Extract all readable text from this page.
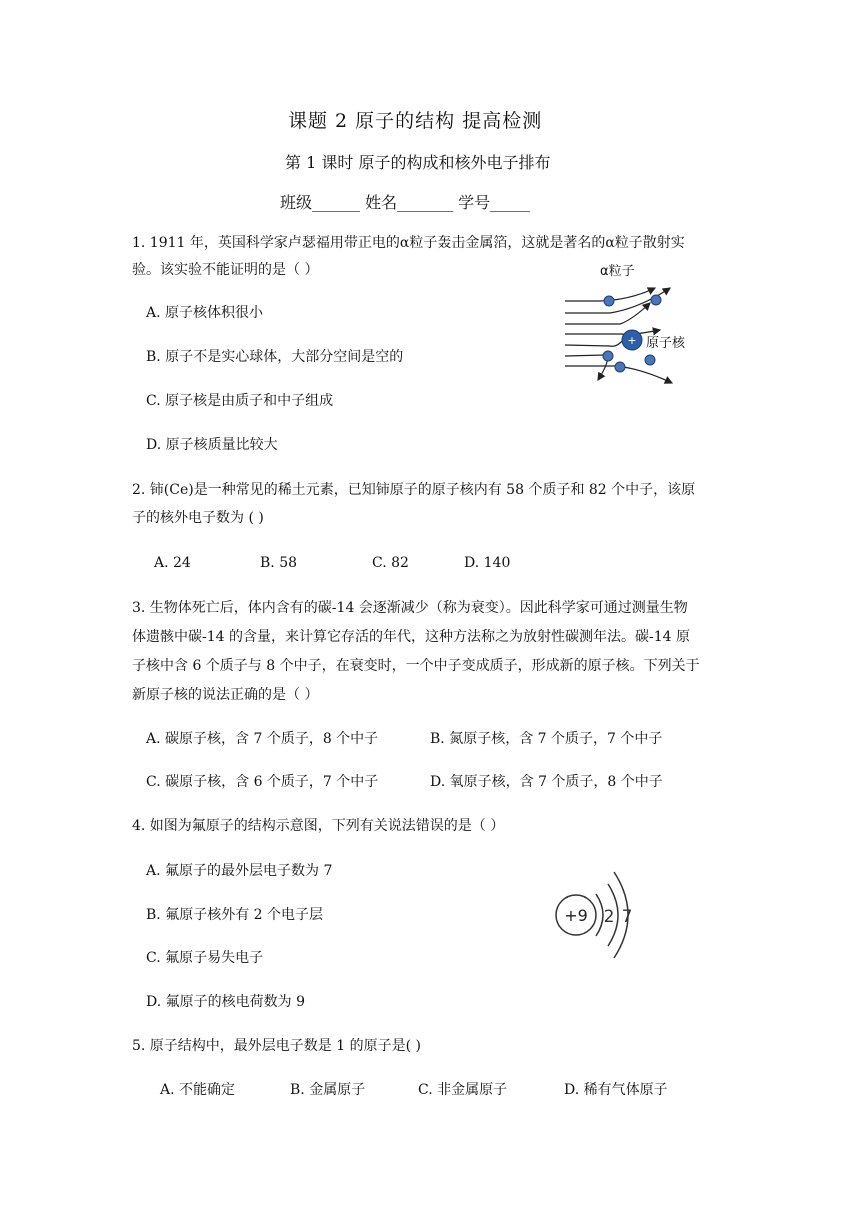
课题 2 原子的结构 提高检测
第 1 课时 原子的构成和核外电子排布
班级______ 姓名_______ 学号_____
1. 1911 年，英国科学家卢瑟福用带正电的α粒子轰击金属箔，这就是著名的α粒子散射实
验。该实验不能证明的是（ ）
A. 原子核体积很小
B. 原子不是实心球体，大部分空间是空的
C. 原子核是由质子和中子组成
D. 原子核质量比较大
+
α粒子
原子核
2. 铈(Ce)是一种常见的稀土元素，已知铈原子的原子核内有 58 个质子和 82 个中子，该原
子的核外电子数为 ( )
A. 24	B. 58	C. 82	D. 140
3. 生物体死亡后，体内含有的碳-14 会逐渐减少（称为衰变）。因此科学家可通过测量生物
体遗骸中碳-14 的含量，来计算它存活的年代，这种方法称之为放射性碳测年法。碳-14 原
子核中含 6 个质子与 8 个中子，在衰变时，一个中子变成质子，形成新的原子核。下列关于
新原子核的说法正确的是（ ）
A. 碳原子核，含 7 个质子，8 个中子	B. 氮原子核，含 7 个质子，7 个中子
C. 碳原子核，含 6 个质子，7 个中子	D. 氧原子核，含 7 个质子，8 个中子
4. 如图为氟原子的结构示意图，下列有关说法错误的是（ ）
A. 氟原子的最外层电子数为 7
B. 氟原子核外有 2 个电子层
C. 氟原子易失电子
D. 氟原子的核电荷数为 9
+9 2 7
5. 原子结构中，最外层电子数是 1 的原子是( )
A. 不能确定	B. 金属原子	C. 非金属原子	D. 稀有气体原子
